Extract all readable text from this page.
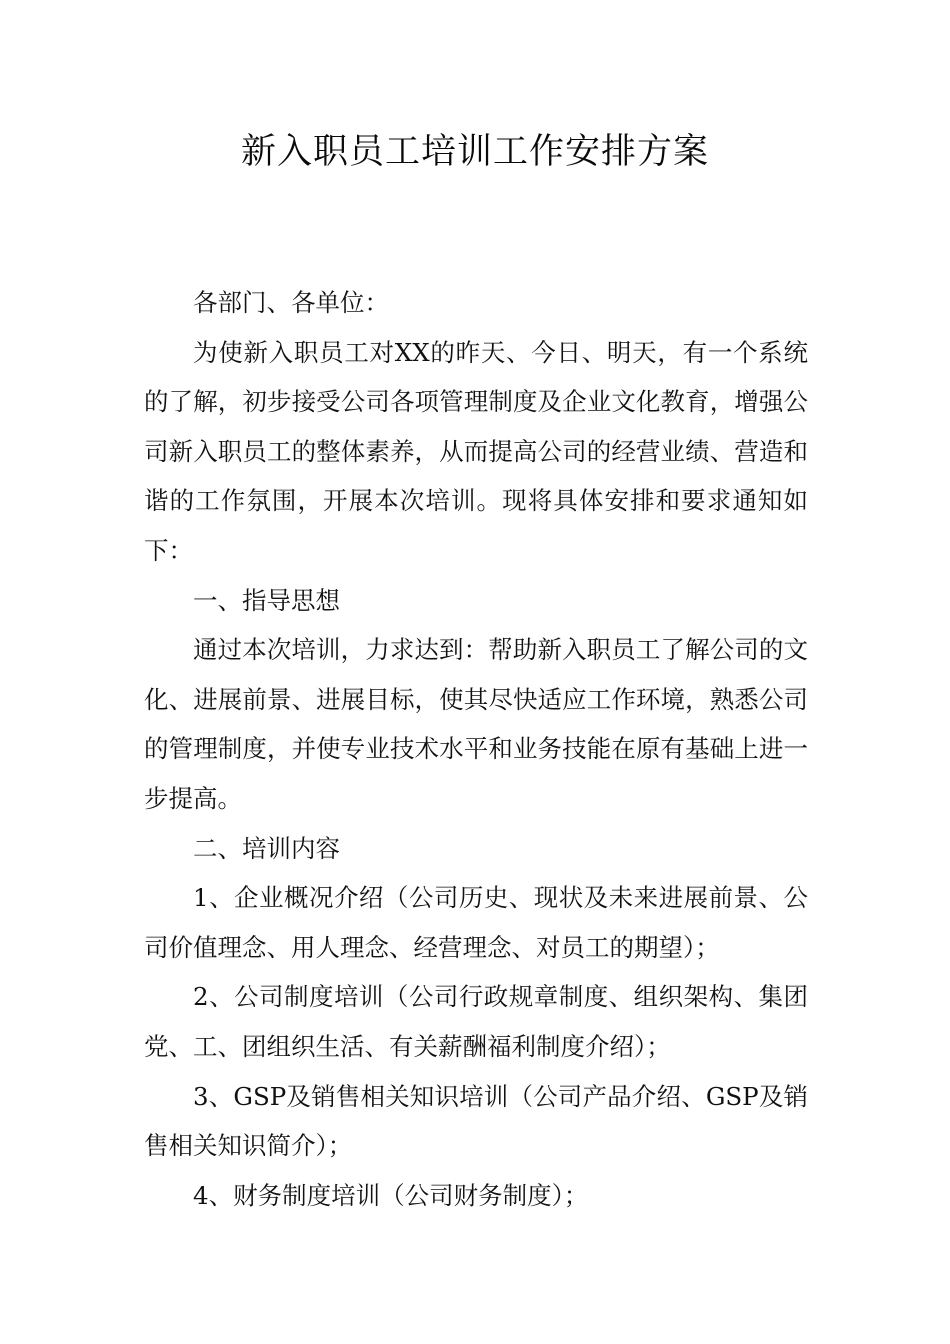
新入职员工培训工作安排方案

各部门、各单位：

为使新入职员工对XX的昨天、今日、明天，有一个系统的了解，初步接受公司各项管理制度及企业文化教育，增强公司新入职员工的整体素养，从而提高公司的经营业绩、营造和谐的工作氛围，开展本次培训。现将具体安排和要求通知如下：

一、指导思想

通过本次培训，力求达到：帮助新入职员工了解公司的文化、进展前景、进展目标，使其尽快适应工作环境，熟悉公司的管理制度，并使专业技术水平和业务技能在原有基础上进一步提高。

二、培训内容

1、企业概况介绍（公司历史、现状及未来进展前景、公司价值理念、用人理念、经营理念、对员工的期望）；

2、公司制度培训（公司行政规章制度、组织架构、集团党、工、团组织生活、有关薪酬福利制度介绍）；

3、GSP及销售相关知识培训（公司产品介绍、GSP及销售相关知识简介）；

4、财务制度培训（公司财务制度）；
